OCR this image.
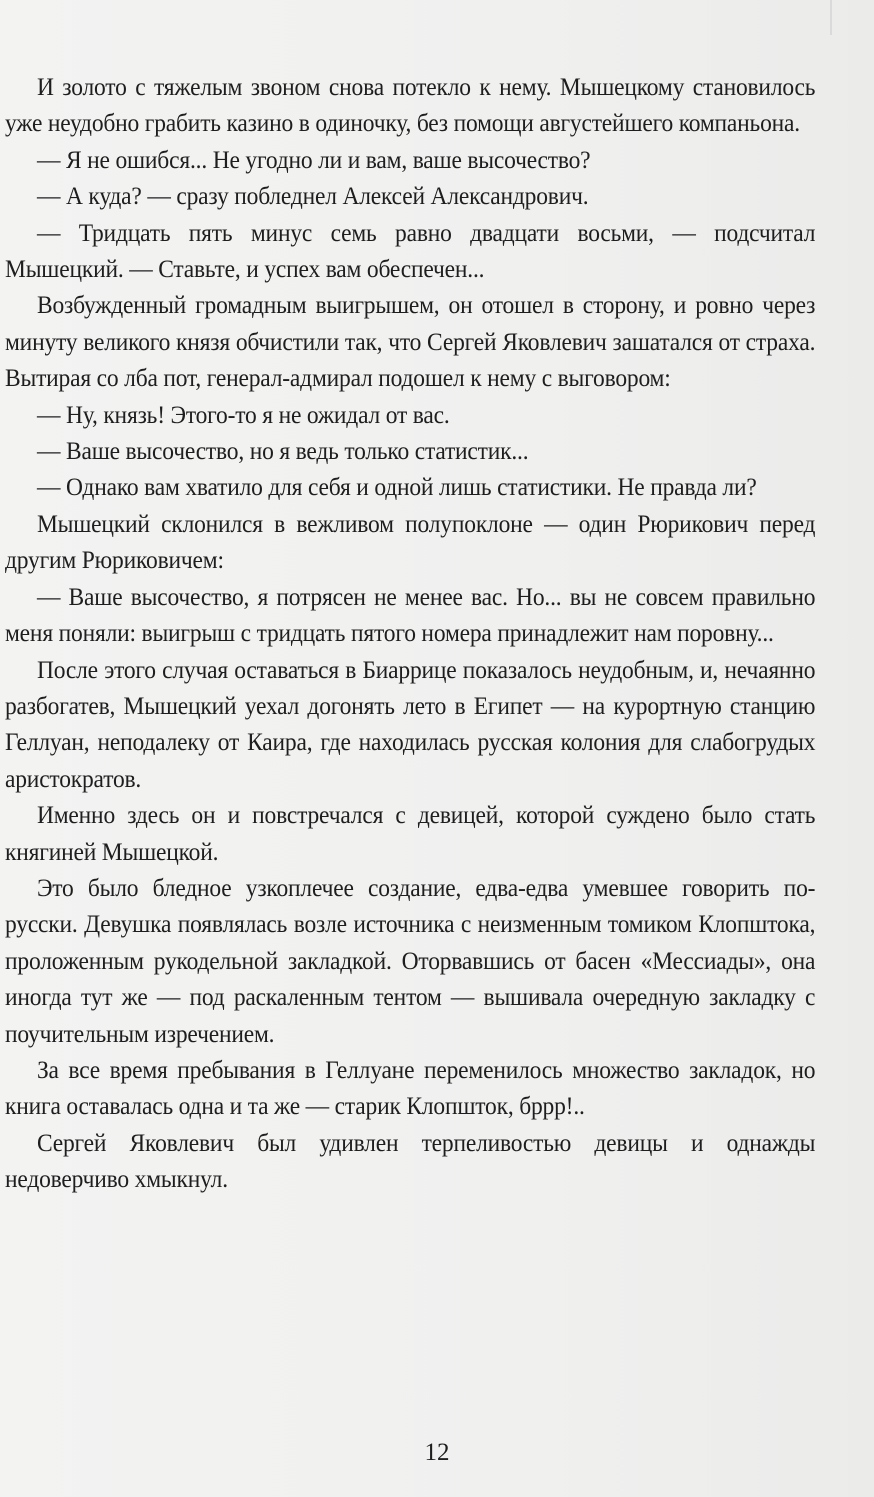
И золото с тяжелым звоном снова потекло к нему. Мышецкому становилось уже неудобно грабить казино в одиночку, без помощи августейшего компаньона.

— Я не ошибся... Не угодно ли и вам, ваше высочество?

— А куда? — сразу побледнел Алексей Александрович.

— Тридцать пять минус семь равно двадцати восьми, — подсчитал Мышецкий. — Ставьте, и успех вам обеспечен...

Возбужденный громадным выигрышем, он отошел в сторону, и ровно через минуту великого князя обчистили так, что Сергей Яковлевич зашатался от страха. Вытирая со лба пот, генерал-адмирал подошел к нему с выговором:

— Ну, князь! Этого-то я не ожидал от вас.

— Ваше высочество, но я ведь только статистик...

— Однако вам хватило для себя и одной лишь статистики. Не правда ли?

Мышецкий склонился в вежливом полупоклоне — один Рюрикович перед другим Рюриковичем:

— Ваше высочество, я потрясен не менее вас. Но... вы не совсем правильно меня поняли: выигрыш с тридцать пятого номера принадлежит нам поровну...

После этого случая оставаться в Биаррице показалось неудобным, и, нечаянно разбогатев, Мышецкий уехал догонять лето в Египет — на курортную станцию Геллуан, неподалеку от Каира, где находилась русская колония для слабогрудых аристократов.

Именно здесь он и повстречался с девицей, которой суждено было стать княгиней Мышецкой.

Это было бледное узкоплечее создание, едва-едва умевшее говорить по-русски. Девушка появлялась возле источника с неизменным томиком Клопштока, проложенным рукодельной закладкой. Оторвавшись от басен «Мессиады», она иногда тут же — под раскаленным тентом — вышивала очередную закладку с поучительным изречением.

За все время пребывания в Геллуане переменилось множество закладок, но книга оставалась одна и та же — старик Клопшток, бррр!..

Сергей Яковлевич был удивлен терпеливостью девицы и однажды недоверчиво хмыкнул.

12
